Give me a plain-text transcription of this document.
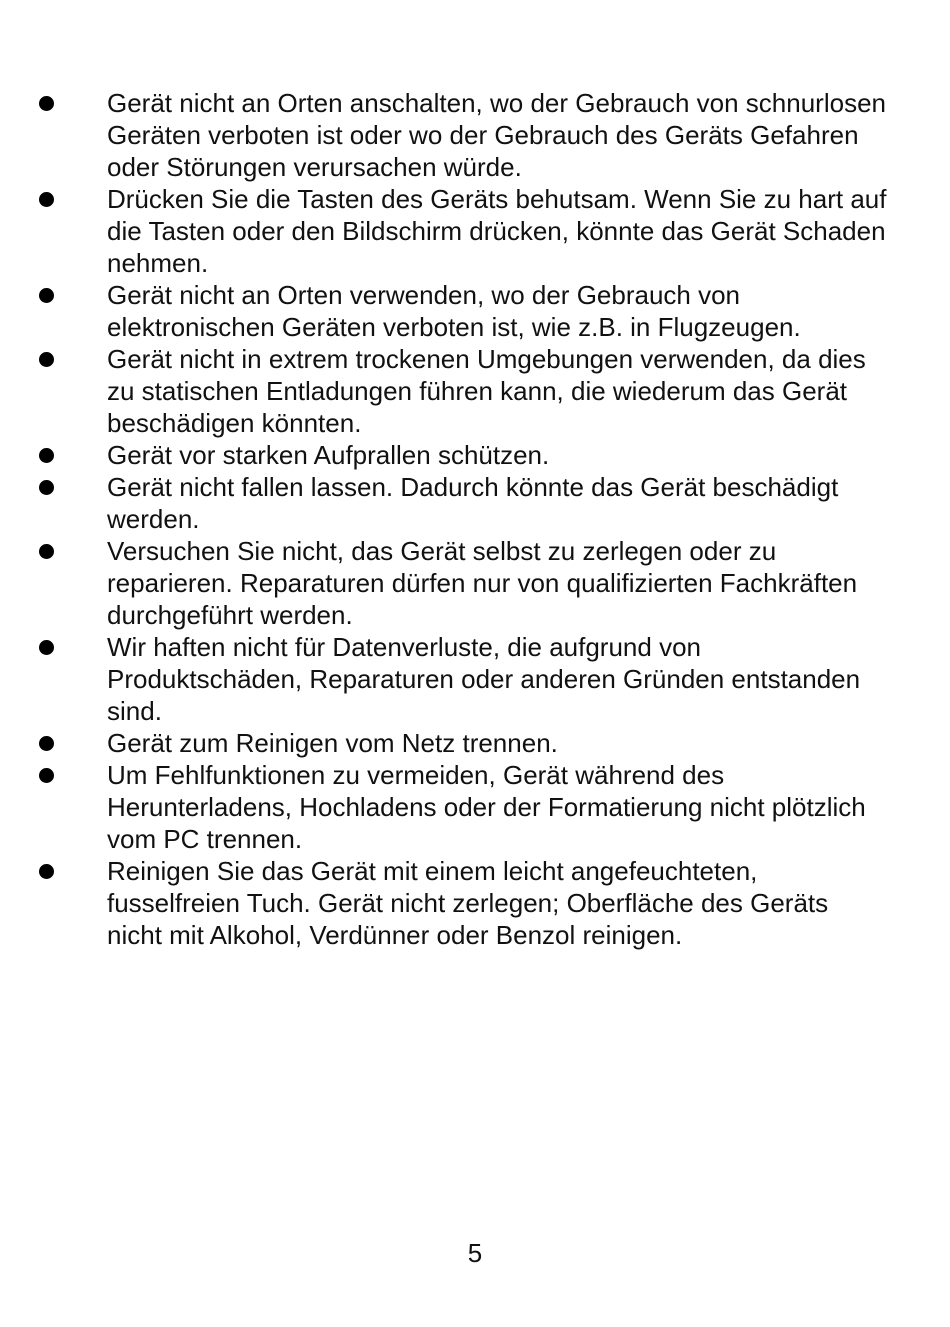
Gerät nicht an Orten anschalten, wo der Gebrauch von schnurlosen Geräten verboten ist oder wo der Gebrauch des Geräts Gefahren oder Störungen verursachen würde.
Drücken Sie die Tasten des Geräts behutsam. Wenn Sie zu hart auf die Tasten oder den Bildschirm drücken, könnte das Gerät Schaden nehmen.
Gerät nicht an Orten verwenden, wo der Gebrauch von elektronischen Geräten verboten ist, wie z.B. in Flugzeugen.
Gerät nicht in extrem trockenen Umgebungen verwenden, da dies zu statischen Entladungen führen kann, die wiederum das Gerät beschädigen könnten.
Gerät vor starken Aufprallen schützen.
Gerät nicht fallen lassen. Dadurch könnte das Gerät beschädigt werden.
Versuchen Sie nicht, das Gerät selbst zu zerlegen oder zu reparieren. Reparaturen dürfen nur von qualifizierten Fachkräften durchgeführt werden.
Wir haften nicht für Datenverluste, die aufgrund von Produktschäden, Reparaturen oder anderen Gründen entstanden sind.
Gerät zum Reinigen vom Netz trennen.
Um Fehlfunktionen zu vermeiden, Gerät während des Herunterladens, Hochladens oder der Formatierung nicht plötzlich vom PC trennen.
Reinigen Sie das Gerät mit einem leicht angefeuchteten, fusselfreien Tuch. Gerät nicht zerlegen; Oberfläche des Geräts nicht mit Alkohol, Verdünner oder Benzol reinigen.
5
